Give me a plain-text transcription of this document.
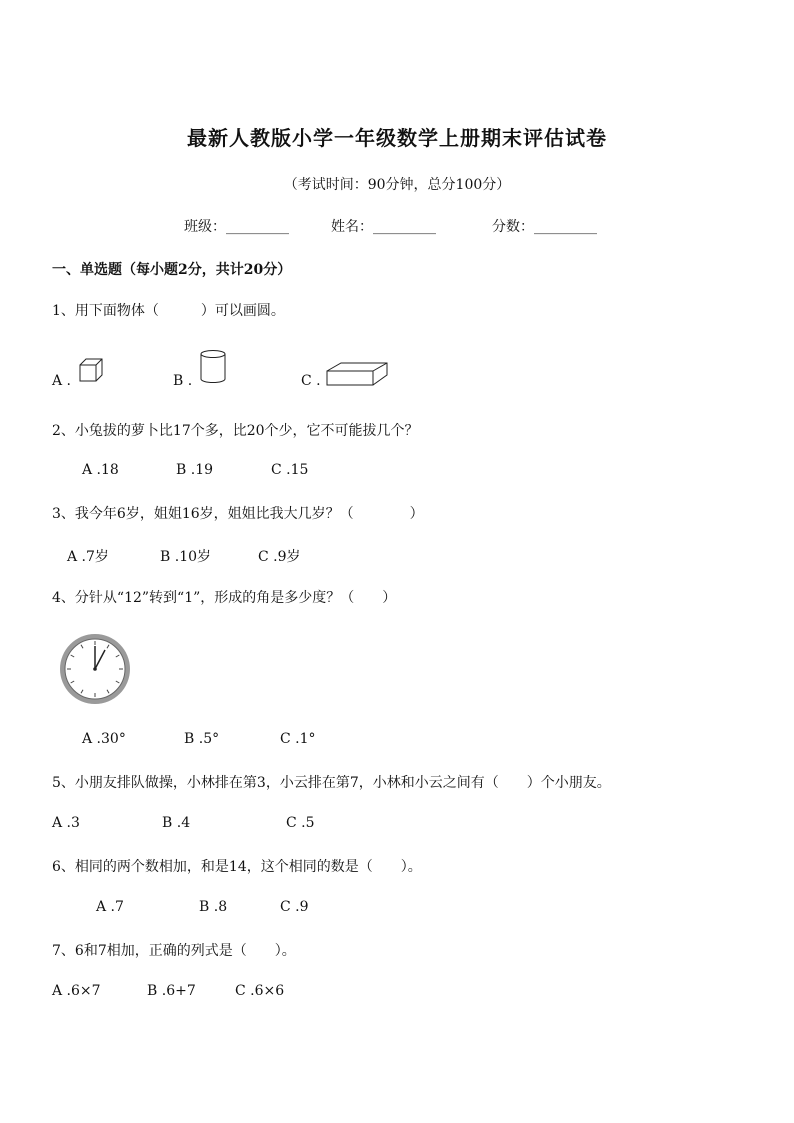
最新人教版小学一年级数学上册期末评估试卷
（考试时间：90分钟，总分100分）
班级：_________	姓名：_________	分数：_________
一、单选题（每小题2分，共计20分）
1、用下面物体（　　　）可以画圆。
A .	B .	C .
2、小兔拔的萝卜比17个多，比20个少，它不可能拔几个？
A .18	B .19	C .15
3、我今年6岁，姐姐16岁，姐姐比我大几岁？（　　　　）
A .7岁	B .10岁	C .9岁
4、分针从“12”转到“1”，形成的角是多少度？（　　）
A .30°	B .5°	C .1°
5、小朋友排队做操，小林排在第3，小云排在第7，小林和小云之间有（　　）个小朋友。
A .3	B .4	C .5
6、相同的两个数相加，和是14，这个相同的数是（　　）。
A .7	B .8	C .9
7、6和7相加，正确的列式是（　　）。
A .6×7	B .6+7	C .6×6
